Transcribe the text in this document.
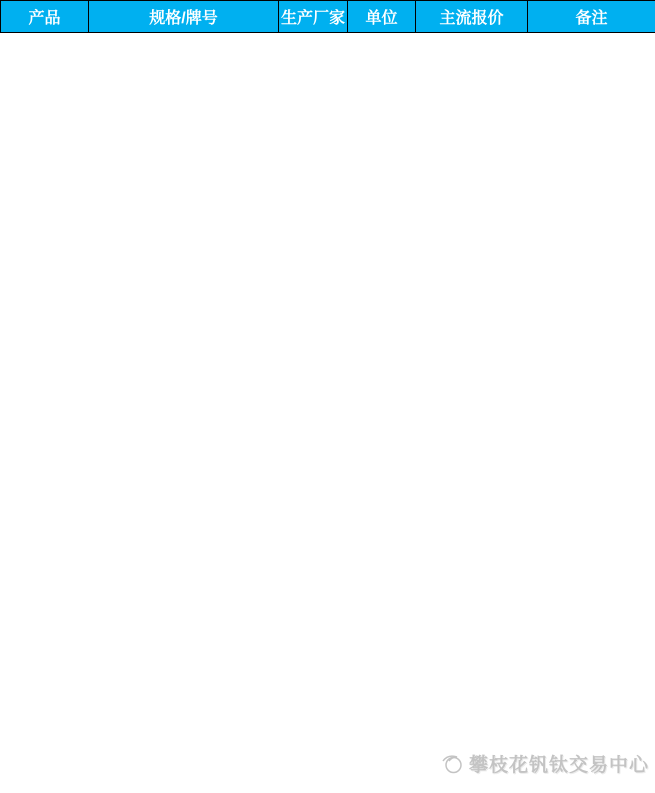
产品	规格/牌号	生产厂家	单位	主流报价	备注
攀枝花钒钛交易中心
